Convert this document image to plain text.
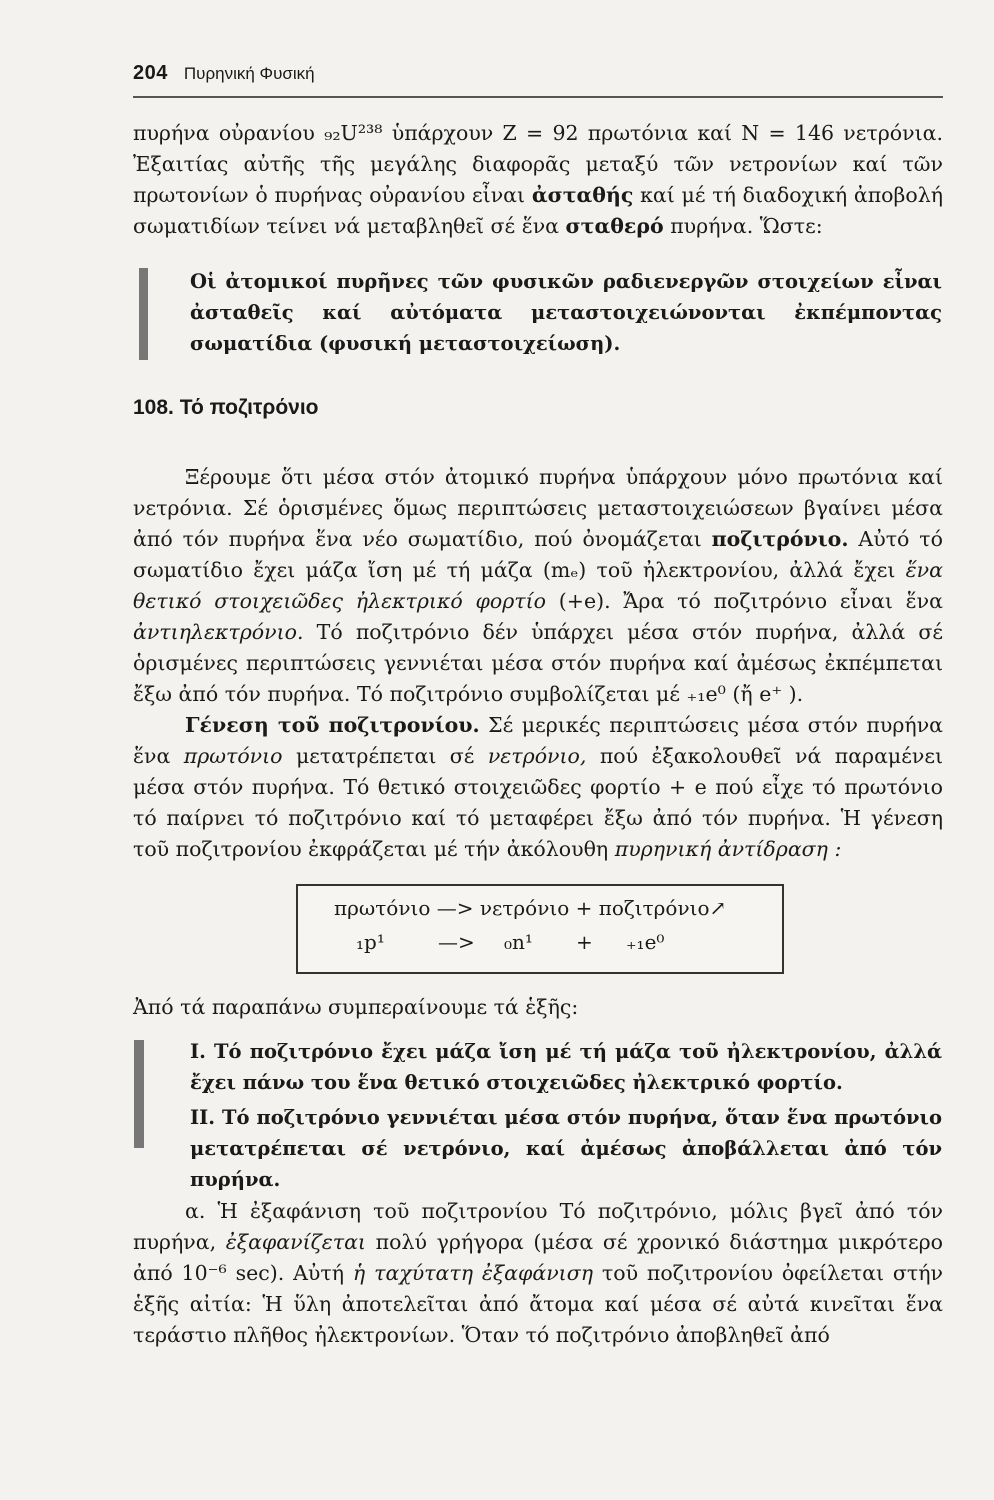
204 Πυρηνική Φυσική

πυρήνα οὐρανίου ₉₂U²³⁸ ὑπάρχουν Z = 92 πρωτόνια καί N = 146 νετρόνια. Ἐξαιτίας αὐτῆς τῆς μεγάλης διαφορᾶς μεταξύ τῶν νετρονίων καί τῶν πρωτονίων ὁ πυρήνας οὐρανίου εἶναι ἀσταθής καί μέ τή διαδοχική ἀποβολή σωματιδίων τείνει νά μεταβληθεῖ σέ ἕνα σταθερό πυρήνα. Ὥστε:

Οἱ ἀτομικοί πυρῆνες τῶν φυσικῶν ραδιενεργῶν στοιχείων εἶναι ἀσταθεῖς καί αὐτόματα μεταστοιχειώνονται ἐκπέμποντας σωματίδια (φυσική μεταστοιχείωση).
108. Τό ποζιτρόνιο

Ξέρουμε ὅτι μέσα στόν ἀτομικό πυρήνα ὑπάρχουν μόνο πρωτόνια καί νετρόνια. Σέ ὁρισμένες ὅμως περιπτώσεις μεταστοιχειώσεων βγαίνει μέσα ἀπό τόν πυρήνα ἕνα νέο σωματίδιο, πού ὀνομάζεται ποζιτρόνιο. Αὐτό τό σωματίδιο ἔχει μάζα ἴση μέ τή μάζα (mₑ) τοῦ ἠλεκτρονίου, ἀλλά ἔχει ἕνα θετικό στοιχειῶδες ἠλεκτρικό φορτίο (+e). Ἄρα τό ποζιτρόνιο εἶναι ἕνα ἀντιηλεκτρόνιο. Τό ποζιτρόνιο δέν ὑπάρχει μέσα στόν πυρήνα, ἀλλά σέ ὁρισμένες περιπτώσεις γεννιέται μέσα στόν πυρήνα καί ἀμέσως ἐκπέμπεται ἔξω ἀπό τόν πυρήνα. Τό ποζιτρόνιο συμβολίζεται μέ ₊₁e⁰ (ἤ e⁺ ).

Γένεση τοῦ ποζιτρονίου. Σέ μερικές περιπτώσεις μέσα στόν πυρήνα ἕνα πρωτόνιο μετατρέπεται σέ νετρόνιο, πού ἐξακολουθεῖ νά παραμένει μέσα στόν πυρήνα. Τό θετικό στοιχειῶδες φορτίο + e πού εἶχε τό πρωτόνιο τό παίρνει τό ποζιτρόνιο καί τό μεταφέρει ἔξω ἀπό τόν πυρήνα. Ἡ γένεση τοῦ ποζιτρονίου ἐκφράζεται μέ τήν ἀκόλουθη πυρηνική ἀντίδραση :

πρωτόνιο —> νετρόνιο + ποζιτρόνιο↗
₁p¹	—> ₀n¹ + ₊₁e⁰
Ἀπό τά παραπάνω συμπεραίνουμε τά ἑξῆς:
I. Τό ποζιτρόνιο ἔχει μάζα ἴση μέ τή μάζα τοῦ ἠλεκτρονίου, ἀλλά ἔχει πάνω του ἕνα θετικό στοιχειῶδες ἠλεκτρικό φορτίο.
II. Τό ποζιτρόνιο γεννιέται μέσα στόν πυρήνα, ὅταν ἕνα πρωτόνιο μετατρέπεται σέ νετρόνιο, καί ἀμέσως ἀποβάλλεται ἀπό τόν πυρήνα.

α. Ἡ ἐξαφάνιση τοῦ ποζιτρονίου Τό ποζιτρόνιο, μόλις βγεῖ ἀπό τόν πυρήνα, ἐξαφανίζεται πολύ γρήγορα (μέσα σέ χρονικό διάστημα μικρότερο ἀπό 10⁻⁶ sec). Αὐτή ἡ ταχύτατη ἐξαφάνιση τοῦ ποζιτρονίου ὀφείλεται στήν ἑξῆς αἰτία: Ἡ ὕλη ἀποτελεῖται ἀπό ἄτομα καί μέσα σέ αὐτά κινεῖται ἕνα τεράστιο πλῆθος ἠλεκτρονίων. Ὅταν τό ποζιτρόνιο ἀποβληθεῖ ἀπό
